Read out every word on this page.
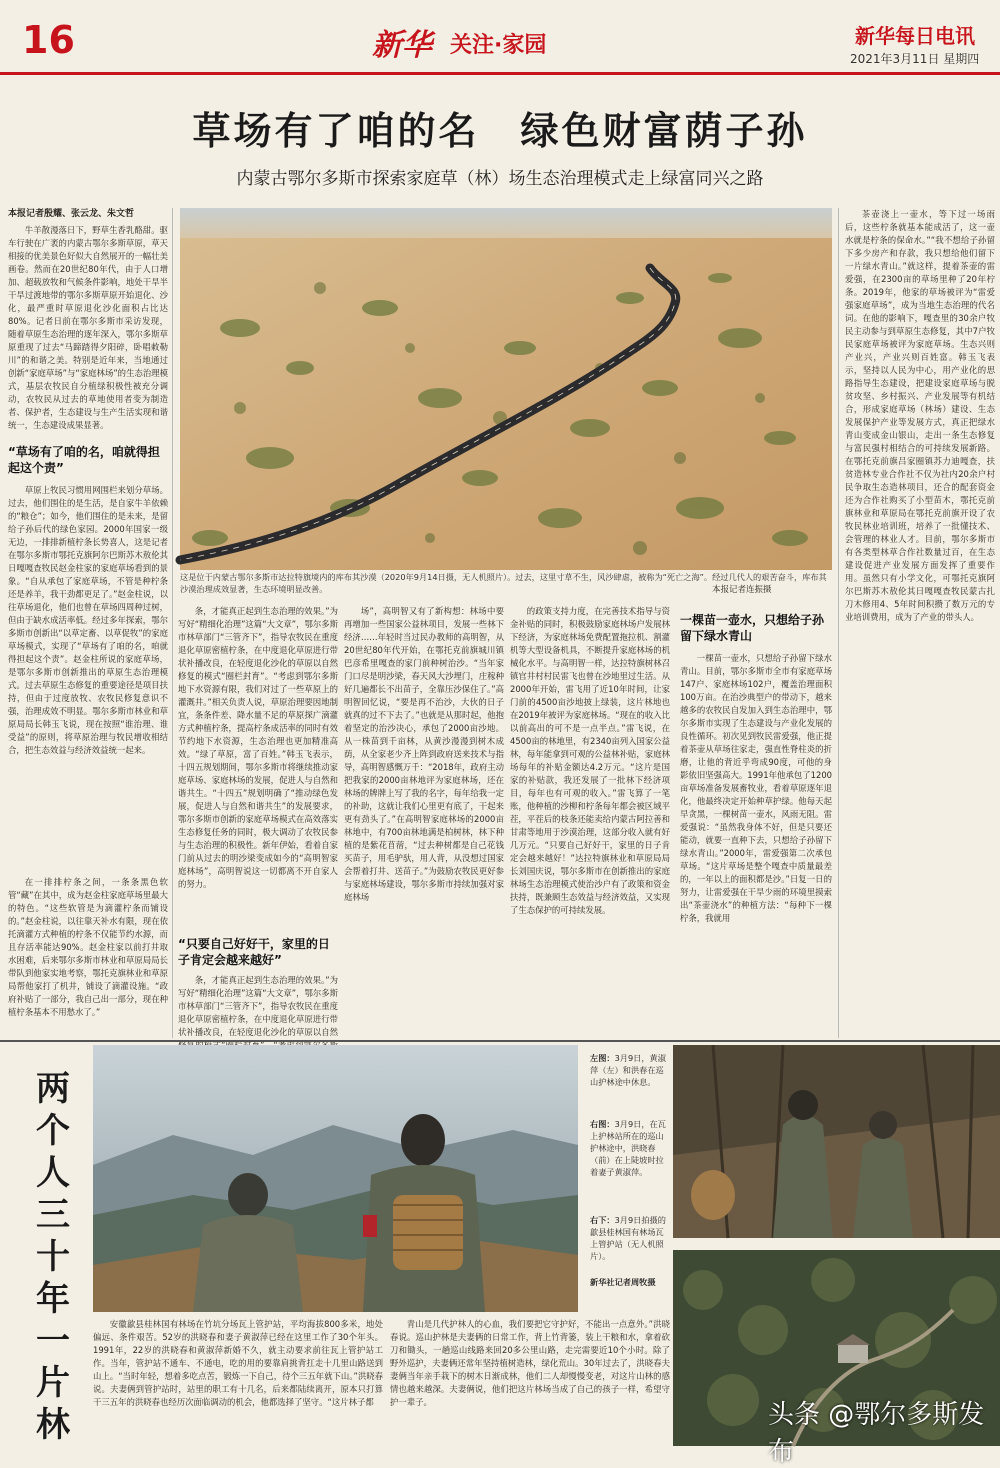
16	新华 关注·家园	新华每日电讯
2021年3月11日 星期四
草场有了咱的名　绿色财富荫子孙
内蒙古鄂尔多斯市探索家庭草（林）场生态治理模式走上绿富同兴之路
本报记者殷耀、张云龙、朱文哲

牛羊散漫落日下，野草生香乳酪甜。驱车行驶在广袤的内蒙古鄂尔多斯草原，草天相接的优美景色好似大自然展开的一幅壮美画卷。然而在20世纪80年代，由于人口增加、超载放牧和气候条件影响，地处干旱半干旱过渡地带的鄂尔多斯草原开始退化、沙化，最严重时草原退化沙化面积占比达80%。记者日前在鄂尔多斯市采访发现，随着草原生态治理的逐年深入，鄂尔多斯草原重现了过去“马蹄踏得夕阳碎，卧唱敕勒川”的和谐之美。特别是近年来，当地通过创新“家庭草场”与“家庭林场”的生态治理模式，基层农牧民自分植绿积极性被充分调动，农牧民从过去的草地使用者变为制造者、保护者，生态建设与生产生活实现和谐统一，生态建设成果显著。

“草场有了咱的名，咱就得担起这个责”

草原上牧民习惯用网围栏来划分草场。过去，他们围住的是生活，是自家牛羊依赖的“粮仓”；如今，他们围住的是未来，是留给子孙后代的绿色家园。2000年国家一级无边，一排排新植柠条长势喜人，这是记者在鄂尔多斯市鄂托克旗阿尔巴斯苏木敖伦其日嘎嘎查牧民赵金柱家的家庭草场看到的景象。“自从承包了家庭草场，不管是种柠条还是养羊，我干劲都更足了。”赵金柱说，以往草场退化，他们也曾在草场四周种过树，但由于缺水成活率低。经过多年探索，鄂尔多斯市创新出“以草定畜、以草促牧”的家庭草场模式，实现了“草场有了咱的名，咱就得担起这个责”。赵金柱所说的家庭草场，是鄂尔多斯市创新推出的草原生态治理模式。过去草原生态修复的重要途径是项目扶持，但由于过度放牧、农牧民修复意识不强，治理成效不明显。鄂尔多斯市林业和草原局局长韩玉飞说，现在按照“谁治理、谁受益”的原则，将草原治理与牧民增收相结合，把生态效益与经济效益统一起来。

在一排排柠条之间，一条条黑色软管“藏”在其中，成为赵金柱家庭草场里最大的特色。“这些软管是为滴灌柠条而铺设的。”赵金柱说，以往靠天补水有限，现在依托滴灌方式种植的柠条不仅能节约水源，而且存活率能达90%。赵金柱家以前打井取水困难，后来鄂尔多斯市林业和草原局局长带队到他家实地考察，鄂托克旗林业和草原局帮他家打了机井，铺设了滴灌设施。“政府补贴了一部分，我自己出一部分，现在种植柠条基本不用愁水了。”

这是位于内蒙古鄂尔多斯市达拉特旗境内的库布其沙漠（2020年9月14日摄，无人机照片）。过去，这里寸草不生，风沙肆虐，被称为“死亡之海”。经过几代人的艰苦奋斗，库布其沙漠治理成效显著，生态环境明显改善。	本报记者连振摄

条，才能真正起到生态治理的效果。”为写好“精细化治理”这篇“大文章”，鄂尔多斯市林草部门“三管齐下”，指导农牧民在重度退化草原密植柠条，在中度退化草原进行带状补播改良，在轻度退化沙化的草原以自然修复的模式“圈栏封育”。“考虑到鄂尔多斯地下水资源有限，我们对过了一些草原上的灌溉井。”相关负责人说，草原治理要因地制宜，条条件差、降水量不足的草原探广滴灌方式种植柠条，提高柠条成活率的同时有效节约地下水资源，生态治理也更加精准高效。“绿了草原，富了百姓。”韩玉飞表示，十四五规划期间，鄂尔多斯市将继续推动家庭草场、家庭林场的发展，促进人与自然和谐共生。“十四五”规划明确了“推动绿色发展，促进人与自然和谐共生”的发展要求，鄂尔多斯市创新的家庭草场模式在高效落实生态修复任务的同时，极大调动了农牧民参与生态治理的积极性。新年伊始，看着自家门前从过去的明沙梁变成如今的“高明智家庭林场”，高明智说这一切都离不开自家人的努力。

“只要自己好好干，家里的日子肯定会越来越好”

条，才能真正起到生态治理的效果。”为写好“精细化治理”这篇“大文章”，鄂尔多斯市林草部门“三管齐下”，指导农牧民在重度退化草原密植柠条，在中度退化草原进行带状补播改良，在轻度退化沙化的草原以自然

场”，高明智又有了新构想：林场中要再增加一些国家公益林项目，发展一些林下经济……年轻时当过民办教师的高明智，从20世纪80年代开始，在鄂托克前旗城川镇巴彦希里嘎查的家门前种树治沙。“当年家门口尽是明沙梁，春天风大沙埋门，庄稼种好几遍都长不出苗子，全靠压沙保住了。”高明智回忆说，“要是再不治沙，大伙的日子就真的过不下去了。”也就是从那时起，他抱着坚定的治沙决心，承包了2000亩沙地。从一株苗到千亩林，从黄沙漫漫到树木成荫，从全家老少齐上阵到政府送来技术与指导，高明智感慨万千：“2018年，政府主动把我家的2000亩林地评为家庭林场，还在林场的牌牌上写了我的名字，每年给我一定的补助，这就让我们心里更有底了，干起来更有劲头了。”在高明智家庭林场的2000亩林地中，有700亩林地满是柏树林，林下种植的是紫花苜蓿，“过去种树都是自己花钱买苗子，用毛驴驮，用人背，从没想过国家会帮着打井、送苗子。”为鼓励农牧民更好参与家庭林场建设，鄂尔多斯市持续加强对家庭林场

的政策支持力度，在完善技术指导与资金补贴的同时，积极鼓励家庭林场户发展林下经济，为家庭林场免费配置拖拉机、割灌机等大型设备机具，不断提升家庭林场的机械化水平。与高明智一样，达拉特旗树林召镇官井村村民雷飞也曾在沙地里过生活。从2000年开始，雷飞用了近10年时间，让家门前的4500亩沙地披上绿装，这片林地也在2019年被评为家庭林场。“现在的收入比以前高出的可不是一点半点。”雷飞说，在4500亩的林地里，有2340亩列入国家公益林，每年能拿到可观的公益林补贴，家庭林场每年的补贴金额达4.2万元。“这片是国家的补贴款，我还发展了一批林下经济项目，每年也有可观的收入。”雷飞算了一笔账，他种植的沙柳和柠条每年都会被区域平茬，平茬后的枝条还能卖给内蒙古阿拉善和甘肃等地用于沙漠治理，这部分收入就有好几万元。“只要自己好好干，家里的日子肯定会越来越好！”达拉特旗林业和草原局局长刘国庆说，鄂尔多斯市在创新推出的家庭林场生态治理模式使治沙户有了政策和资金扶持，既兼顾生态效益与经济效益，又实现了生态保护的可持续发展。

一棵苗一壶水，只想给子孙留下绿水青山

一棵苗一壶水，只想给子孙留下绿水青山。目前，鄂尔多斯市全市有家庭草场147户、家庭林场102户，覆盖治理面积100万亩。在治沙典型户的带动下，越来越多的农牧民自发加入到生态治理中，鄂尔多斯市实现了生态建设与产业化发展的良性循环。初次见到牧民雷爱强，他正提着茶壶从草场往家走，强直性脊柱炎的折磨，让他的背近乎弯成90度，可他的身影依旧坚强高大。1991年他承包了1200亩草场准备发展畜牧业，看着草原逐年退化，他最终决定开始种草护绿。他每天起早贪黑，一棵树苗一壶水，风雨无阻。雷爱强说：“虽然我身体不好，但是只要还能动，就要一直种下去，只想给子孙留下绿水青山。”2000年，雷爱强第二次承包草场。“这片草场是整个嘎查中质量最差的，一年以上的面积都是沙。”日复一日的努力，让雷爱强在干旱少雨的环境里摸索出“茶壶浇水”的种植方法：“每种下一棵柠条，我就用

茶壶浇上一壶水，等下过一场雨后，这些柠条就基本能成活了，这一壶水就是柠条的保命水。”“我不想给子孙留下多少房产和存款，我只想给他们留下一片绿水青山。”就这样，提着茶壶的雷爱强，在2300亩的草场里种了20年柠条。2019年，他家的草场被评为“雷爱强家庭草场”，成为当地生态治理的代名词。在他的影响下，嘎查里的30余户牧民主动参与到草原生态修复，其中7户牧民家庭草场被评为家庭草场。生态兴则产业兴，产业兴则百姓富。韩玉飞表示，坚持以人民为中心，用产业化的思路指导生态建设，把建设家庭草场与脱贫攻坚、乡村振兴、产业发展等有机结合，形成家庭草场（林场）建设、生态发展保护产业等发展方式，真正把绿水青山变成金山银山，走出一条生态修复与富民强村相结合的可持续发展新路。在鄂托克前旗吕家圈镇苏力迪嘎查，扶贫造林专业合作社不仅为社内20余户村民争取生态造林项目，还合的配套资金还为合作社购买了小型苗木，鄂托克前旗林业和草原局在鄂托克前旗开设了农牧民林业培训班，培养了一批懂技术、会管理的林业人才。目前，鄂尔多斯市有各类型林草合作社数量过百，在生态建设促进产业发展方面发挥了重要作用。虽然只有小学文化，可鄂托克旗阿尔巴斯苏木敖伦其日嘎嘎查牧民蒙古扎刀木修用4、5年时间积攒了数万元的专业培训费用，成为了产业的带头人。

两个人 三十年 一片林
左图：3月9日，黄淑萍（左）和洪春在巡山护林途中休息。
右图：3月9日，在瓦上护林站所在的巡山护林途中，洪晓春（前）在上陡坡时拉着妻子黄淑萍。
右下：3月9日拍摄的歙县桂林国有林场瓦上管护站（无人机照片）。
新华社记者周牧摄

安徽歙县桂林国有林场在竹坑分场瓦上管护站，平均海拔800多米，地处偏远、条件艰苦。52岁的洪晓春和妻子黄淑萍已经在这里工作了30个年头。1991年，22岁的洪晓春和黄淑萍新婚不久，就主动要求前往瓦上管护站工作。当年，管护站不通车、不通电，吃的用的要靠肩挑背扛走十几里山路送到山上。“当时年轻，想着多吃点苦，锻炼一下自己，待个三五年就下山。”洪晓春说。夫妻俩到管护站时，站里的职工有十几名，后来都陆续离开，原本只打算干三五年的洪晓春也经历次面临调动的机会，他都选择了坚守。“这片林子都

青山是几代护林人的心血，我们要把它守护好，不能出一点意外。”洪晓春说。巡山护林是夫妻俩的日常工作，背上竹背篓，装上干粮和水，拿着砍刀和锄头，一趟巡山线路来回20多公里山路，走完需要近10个小时。除了野外巡护，夫妻俩还常年坚持植树造林，绿化荒山。30年过去了，洪晓春夫妻俩当年亲手栽下的树木日渐成林，他们二人却慢慢变老，对这片山林的感情也越来越深。夫妻俩说，他们把这片林场当成了自己的孩子一样，希望守护一辈子。	头条 @鄂尔多斯发布
